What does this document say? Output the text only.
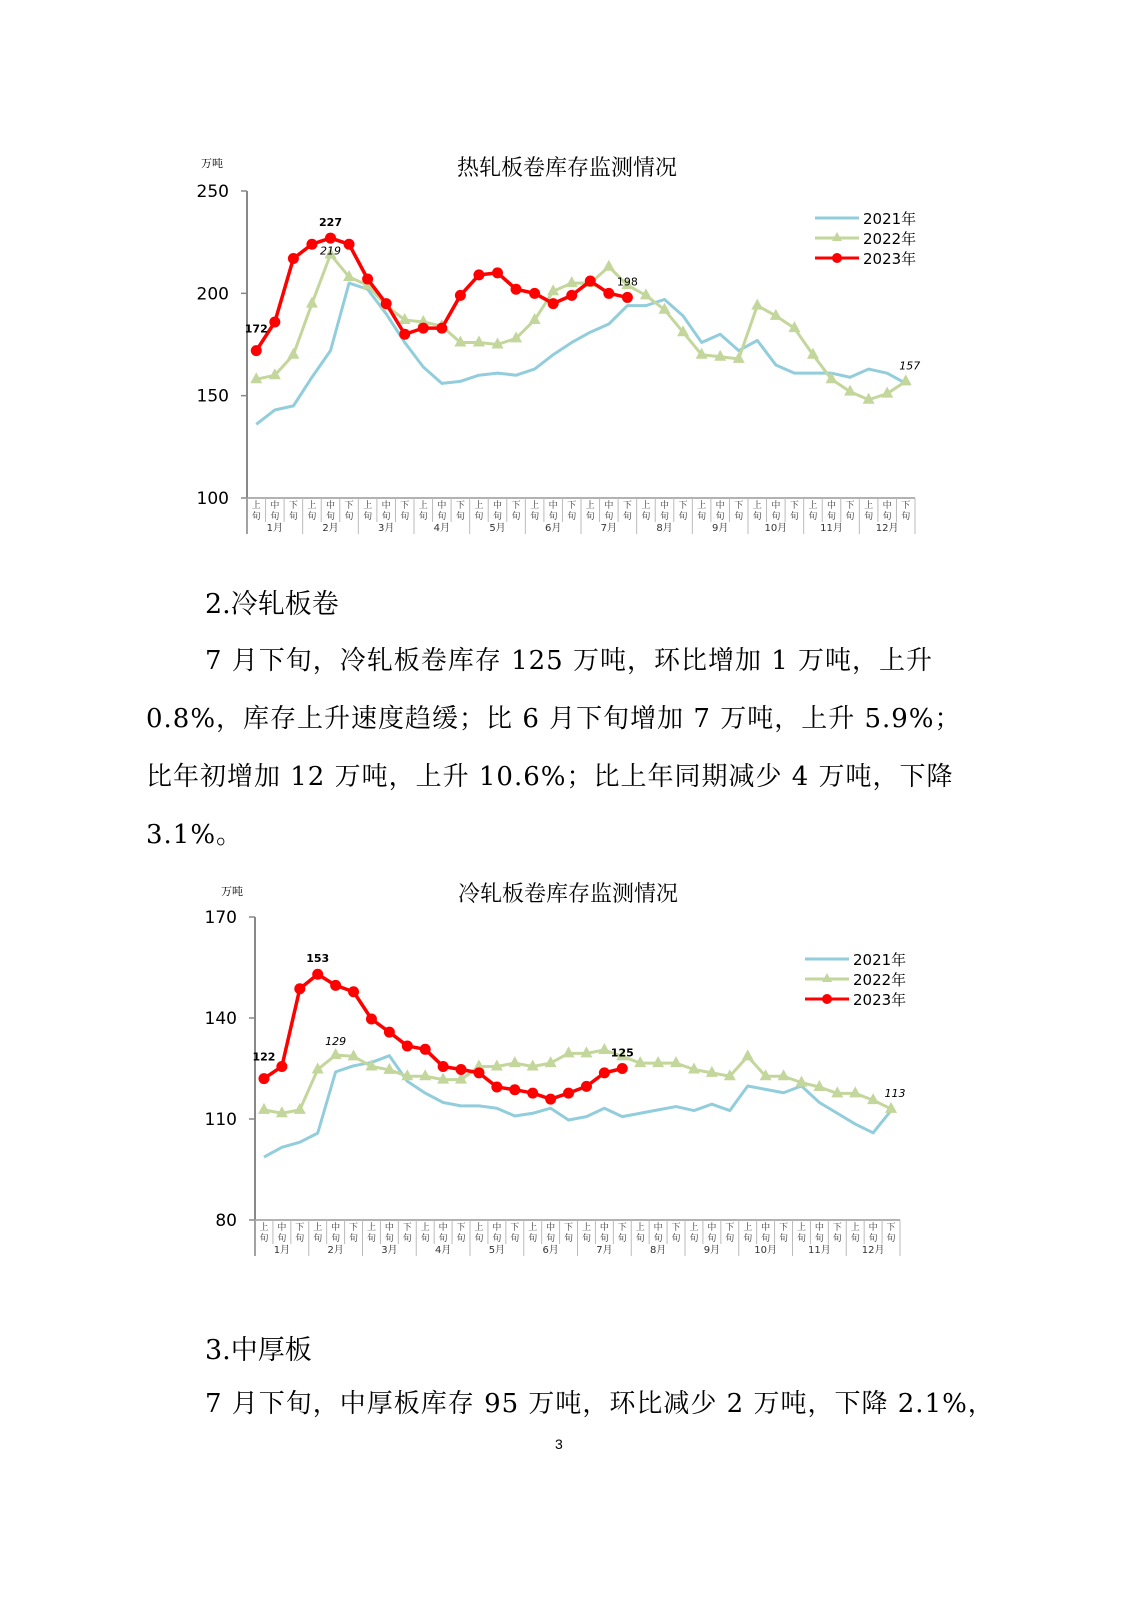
热轧板卷库存监测情况
万吨
100
150
200
250
上
旬
中
旬
下
旬
上
旬
中
旬
下
旬
上
旬
中
旬
下
旬
上
旬
中
旬
下
旬
上
旬
中
旬
下
旬
上
旬
中
旬
下
旬
上
旬
中
旬
下
旬
上
旬
中
旬
下
旬
上
旬
中
旬
下
旬
上
旬
中
旬
下
旬
上
旬
中
旬
下
旬
上
旬
中
旬
下
旬
1月	2月	3月	4月	5月	6月	7月	8月	9月	10月	11月	12月
2021年
2022年
2023年
172
227
219
198
157
2.冷轧板卷
7 月下旬，冷轧板卷库存 125 万吨，环比增加 1 万吨，上升
0.8%，库存上升速度趋缓；比 6 月下旬增加 7 万吨，上升 5.9%；
比年初增加 12 万吨，上升 10.6%；比上年同期减少 4 万吨，下降
3.1%。
冷轧板卷库存监测情况
万吨
80
110
140
170
上
旬
中
旬
下
旬
上
旬
中
旬
下
旬
上
旬
中
旬
下
旬
上
旬
中
旬
下
旬
上
旬
中
旬
下
旬
上
旬
中
旬
下
旬
上
旬
中
旬
下
旬
上
旬
中
旬
下
旬
上
旬
中
旬
下
旬
上
旬
中
旬
下
旬
上
旬
中
旬
下
旬
上
旬
中
旬
下
旬
1月	2月	3月	4月	5月	6月	7月	8月	9月	10月	11月	12月
2021年
2022年
2023年
122
153
129
125
113
3.中厚板
7 月下旬，中厚板库存 95 万吨，环比减少 2 万吨，下降 2.1%，
3
